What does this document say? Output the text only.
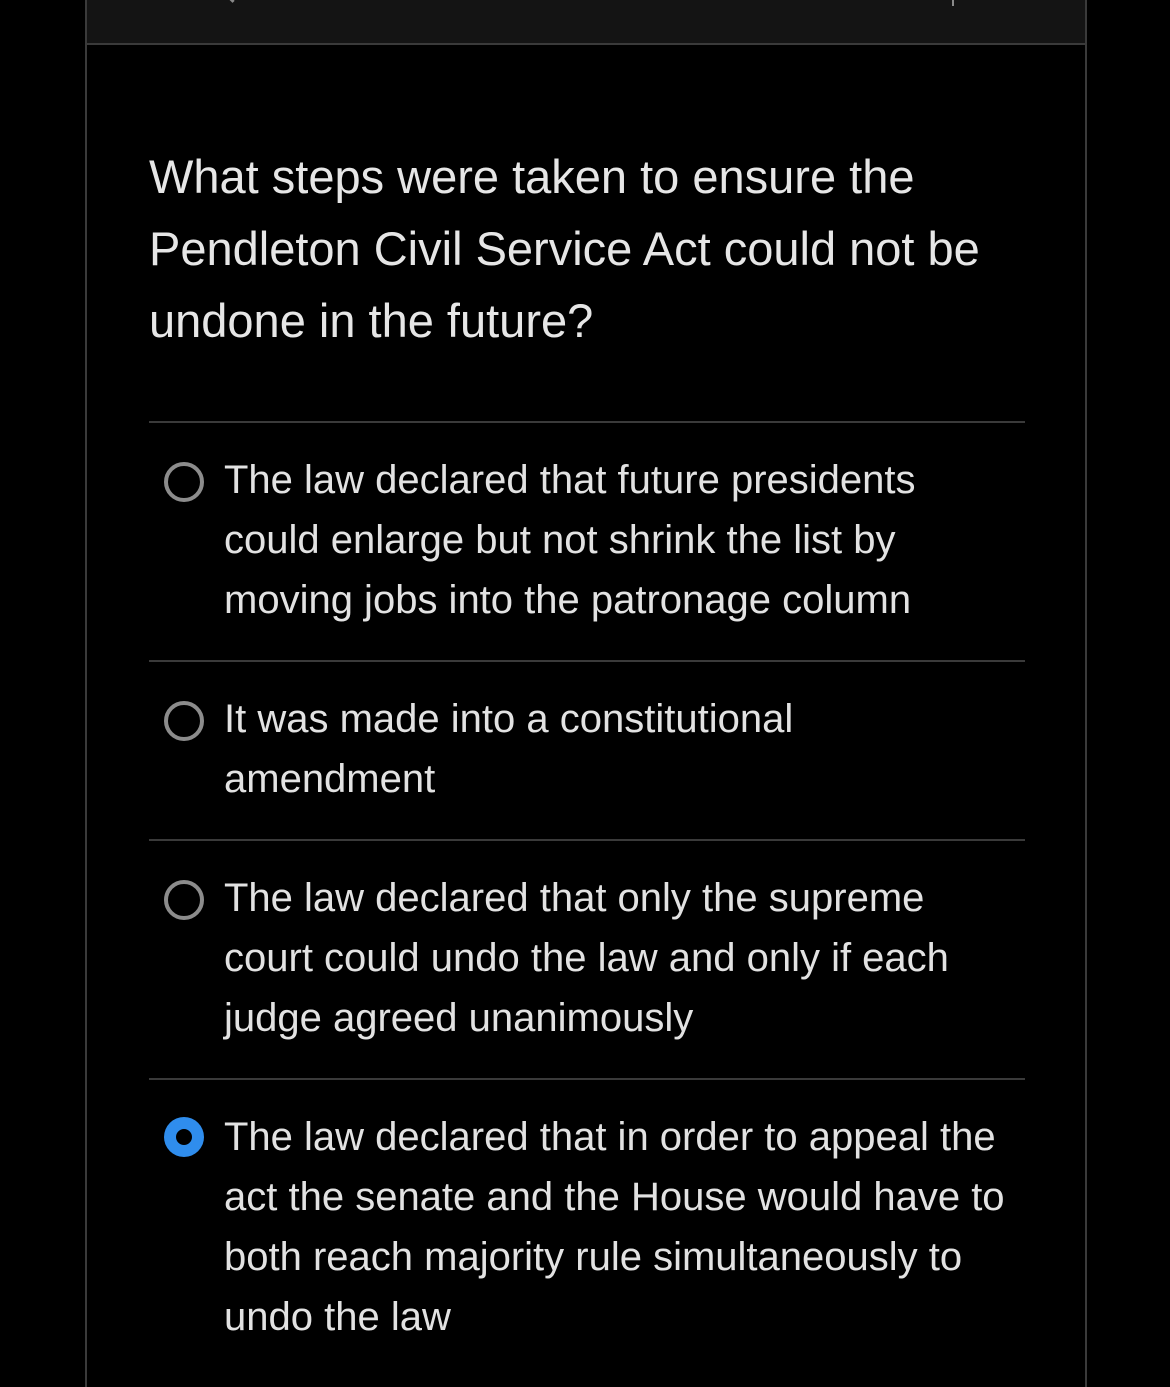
What steps were taken to ensure the Pendleton Civil Service Act could not be undone in the future?
The law declared that future presidents could enlarge but not shrink the list by moving jobs into the patronage column
It was made into a constitutional amendment
The law declared that only the supreme court could undo the law and only if each judge agreed unanimously
The law declared that in order to appeal the act the senate and the House would have to both reach majority rule simultaneously to undo the law
